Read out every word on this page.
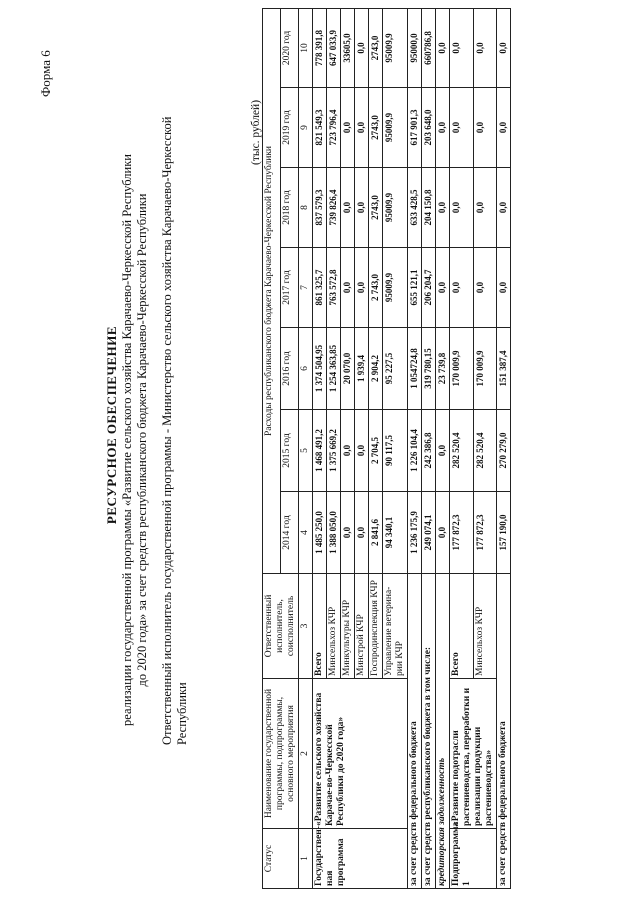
Форма 6
РЕСУРСНОЕ ОБЕСПЕЧЕНИЕ реализации государственной программы «Развитие сельского хозяйства Карачаево-Черкесской Республики до 2020 года» за счет средств республиканского бюджета Карачаево-Черкесской Республики Ответственный исполнитель государственной программы - Министерство сельского хозяйства Карачаево-Черкесской Республики
(тыс. рублей)
Статус	Наименование государственной программы, подпрограммы, основного мероприятия	Ответственный исполнитель, соисполнитель	Расходы республиканского бюджета Карачаево-Черкесской Республики						
			2014 год	2015 год	2016 год	2017 год	2018 год	2019 год	2020 год
1	2	3	4	5	6	7	8	9	10
Государствен-ная программа	«Развитие сельского хозяйства Карачае-во-Черкесской Республики до 2020 года»	Всего	1 485 250,0	1 468 491,2	1 374 504,95	861 325,7	837 579,3	821 549,3	778 391,8
		Минсельхоз КЧР	1 388 050,0	1 375 669,2	1 254 363,85	763 572,8	739 826,4	723 796,4	647 033,9
		Минкультуры КЧР	0,0	0,0	20 070,0	0,0	0,0	0,0	33605,0
		Минстрой КЧР	0,0	0,0	1 939,4	0,0	0,0	0,0	0,0
		Госпродинспекция КЧР	2 841,6	2 704,5	2 904,2	2 743,0	2743,0	2743,0	2743,0
		Управление ветерина-рии КЧР	94 340,1	90 117,5	95 227,5	95009,9	95009,9	95009,9	95009,9
за счет средств федерального бюджета			1 236 175,9	1 226 104,4	1 054724,8	655 121,1	633 428,5	617 901,3	95000,0
за счет средств республиканского бюджета в том числе:			249 074,1	242 386,8	319 780,15	206 204,7	204 150,8	203 648,0	660786,8
кредиторская задолженность			0,0	0,0	23 739,8	0,0	0,0	0,0	0,0
Подпрограмма 1	«Развитие подотрасли растениеводства, переработки и реализации продукции растениеводства»	Всего	177 872,3	282 520,4	170 009,9	0,0	0,0	0,0	0,0
		Минсельхоз КЧР	177 872,3	282 520,4	170 009,9	0,0	0,0	0,0	0,0
за счет средств федерального бюджета			157 190,0	270 279,0	151 387,4	0,0	0,0	0,0	0,0
